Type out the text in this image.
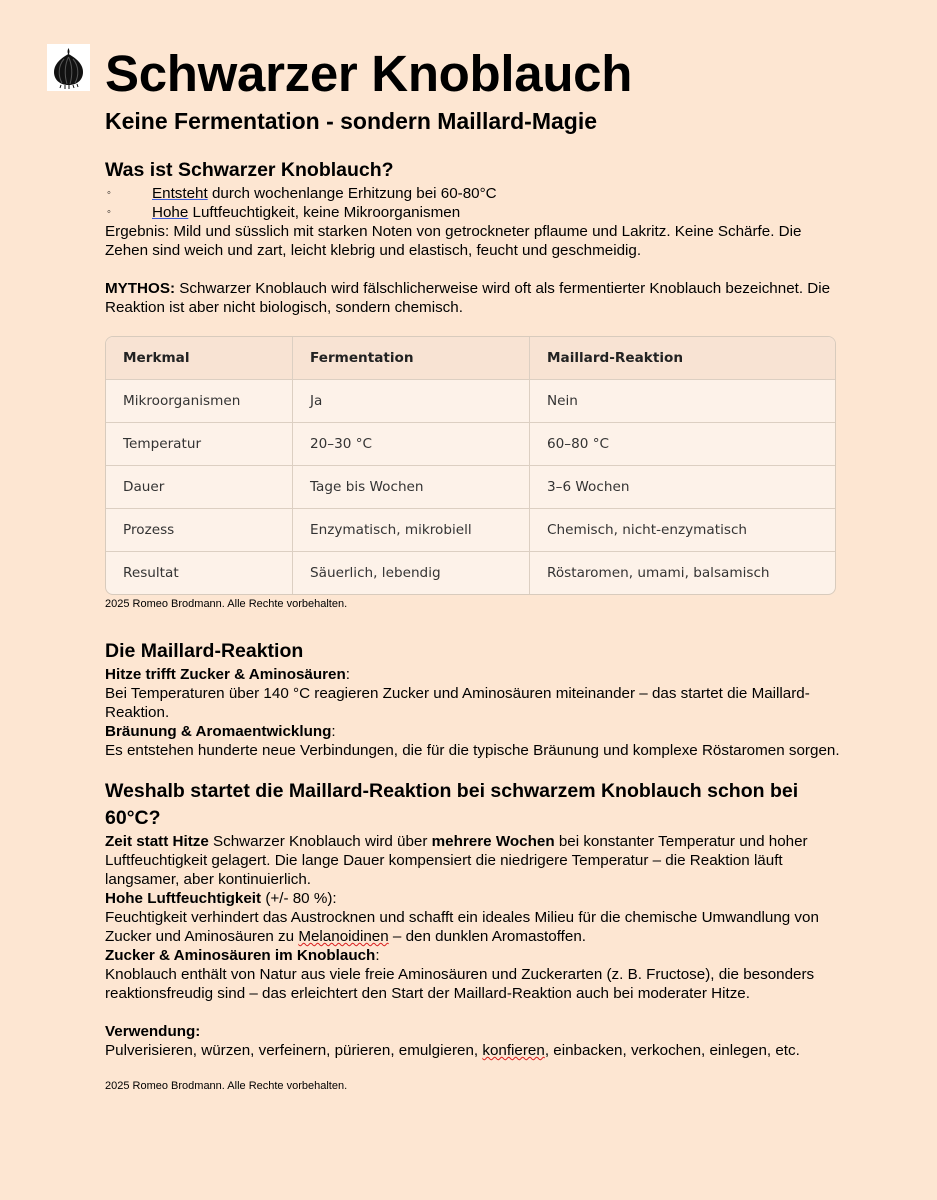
Schwarzer Knoblauch
Keine Fermentation - sondern Maillard-Magie
Was ist Schwarzer Knoblauch?
◦	Entsteht durch wochenlange Erhitzung bei 60-80°C
◦	Hohe Luftfeuchtigkeit, keine Mikroorganismen

Ergebnis: Mild und süsslich mit starken Noten von getrockneter pflaume und Lakritz. Keine Schärfe. Die Zehen sind weich und zart, leicht klebrig und elastisch, feucht und geschmeidig.

MYTHOS: Schwarzer Knoblauch wird fälschlicherweise wird oft als fermentierter Knoblauch bezeichnet. Die Reaktion ist aber nicht biologisch, sondern chemisch.

Merkmal	Fermentation	Maillard-Reaktion
Mikroorganismen	Ja	Nein
Temperatur	20–30 °C	60–80 °C
Dauer	Tage bis Wochen	3–6 Wochen
Prozess	Enzymatisch, mikrobiell	Chemisch, nicht-enzymatisch
Resultat	Säuerlich, lebendig	Röstaromen, umami, balsamisch

2025 Romeo Brodmann. Alle Rechte vorbehalten.

Die Maillard-Reaktion

Hitze trifft Zucker & Aminosäuren:

Bei Temperaturen über 140 °C reagieren Zucker und Aminosäuren miteinander – das startet die Maillard-Reaktion.

Bräunung & Aromaentwicklung:

Es entstehen hunderte neue Verbindungen, die für die typische Bräunung und komplexe Röstaromen sorgen.

Weshalb startet die Maillard-Reaktion bei schwarzem Knoblauch schon bei 60°C?

Zeit statt Hitze Schwarzer Knoblauch wird über mehrere Wochen bei konstanter Temperatur und hoher Luftfeuchtigkeit gelagert. Die lange Dauer kompensiert die niedrigere Temperatur – die Reaktion läuft langsamer, aber kontinuierlich.

Hohe Luftfeuchtigkeit (+/- 80 %):

Feuchtigkeit verhindert das Austrocknen und schafft ein ideales Milieu für die chemische Umwandlung von Zucker und Aminosäuren zu Melanoidinen – den dunklen Aromastoffen.

Zucker & Aminosäuren im Knoblauch:

Knoblauch enthält von Natur aus viele freie Aminosäuren und Zuckerarten (z. B. Fructose), die besonders reaktionsfreudig sind – das erleichtert den Start der Maillard-Reaktion auch bei moderater Hitze.

Verwendung:

Pulverisieren, würzen, verfeinern, pürieren, emulgieren, konfieren, einbacken, verkochen, einlegen, etc.

2025 Romeo Brodmann. Alle Rechte vorbehalten.
